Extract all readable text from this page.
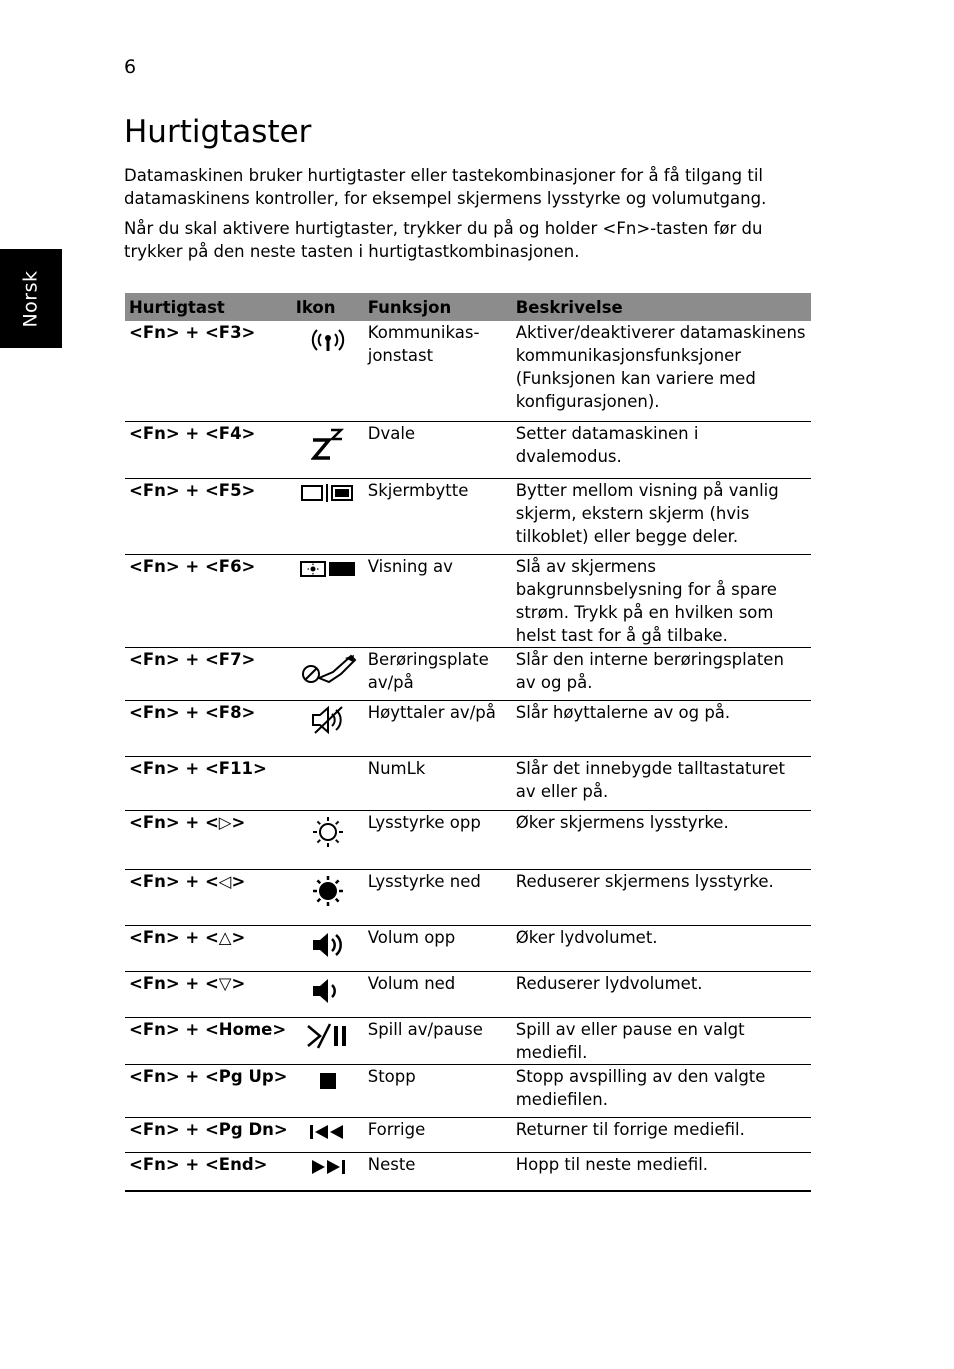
6
Norsk
Hurtigtaster

Datamaskinen bruker hurtigtaster eller tastekombinasjoner for å få tilgang til datamaskinens kontroller, for eksempel skjermens lysstyrke og volumutgang.

Når du skal aktivere hurtigtaster, trykker du på og holder <Fn>-tasten før du trykker på den neste tasten i hurtigtastkombinasjonen.

Hurtigtast	Ikon	Funksjon	Beskrivelse
<Fn> + <F3>		Kommunikas-jonstast	Aktiver/deaktiverer datamaskinens kommunikasjonsfunksjoner (Funksjonen kan variere med konfigurasjonen).
<Fn> + <F4>		Dvale	Setter datamaskinen i dvalemodus.
<Fn> + <F5>		Skjermbytte	Bytter mellom visning på vanlig skjerm, ekstern skjerm (hvis tilkoblet) eller begge deler.
<Fn> + <F6>		Visning av	Slå av skjermens bakgrunnsbelysning for å spare strøm. Trykk på en hvilken som helst tast for å gå tilbake.
<Fn> + <F7>		Berøringsplate av/på	Slår den interne berøringsplaten av og på.
<Fn> + <F8>		Høyttaler av/på	Slår høyttalerne av og på.
<Fn> + <F11>		NumLk	Slår det innebygde talltastaturet av eller på.
<Fn> + <▷>		Lysstyrke opp	Øker skjermens lysstyrke.
<Fn> + <◁>		Lysstyrke ned	Reduserer skjermens lysstyrke.
<Fn> + <△>		Volum opp	Øker lydvolumet.
<Fn> + <▽>		Volum ned	Reduserer lydvolumet.
<Fn> + <Home>		Spill av/pause	Spill av eller pause en valgt mediefil.
<Fn> + <Pg Up>		Stopp	Stopp avspilling av den valgte mediefilen.
<Fn> + <Pg Dn>		Forrige	Returner til forrige mediefil.
<Fn> + <End>		Neste	Hopp til neste mediefil.
